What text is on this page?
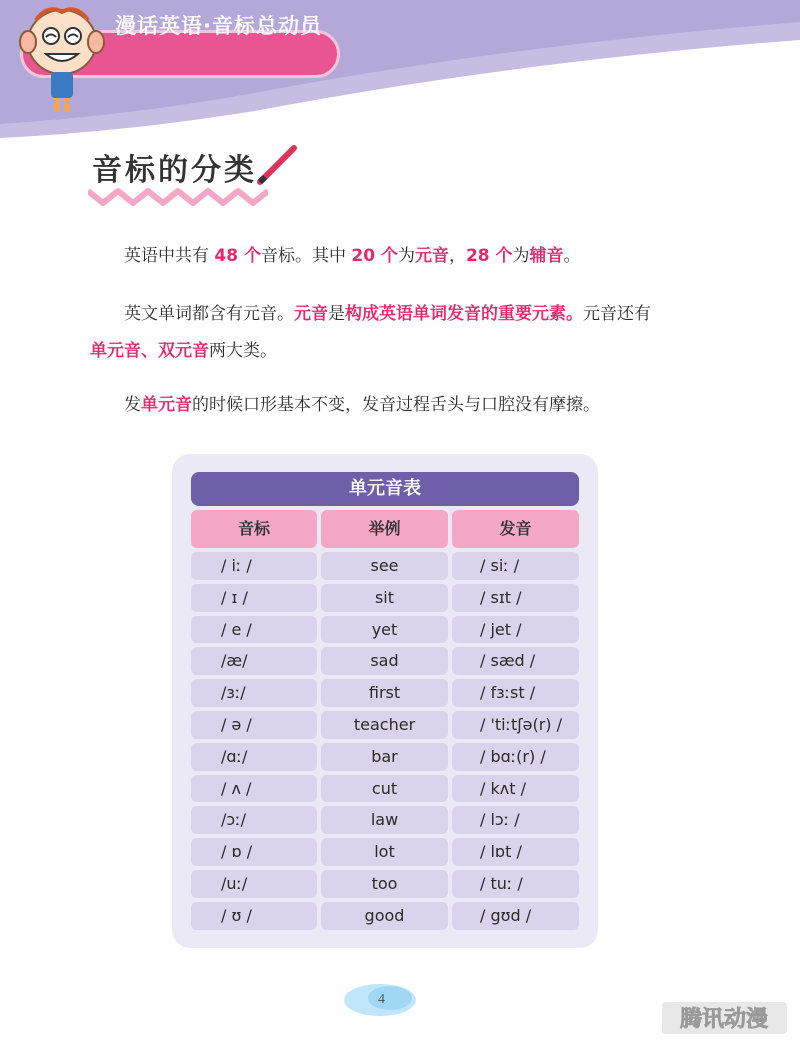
漫话英语·音标总动员
音标的分类
英语中共有 48 个音标。其中 20 个为元音，28 个为辅音。
英文单词都含有元音。元音是构成英语单词发音的重要元素。元音还有
单元音、双元音两大类。
发单元音的时候口形基本不变，发音过程舌头与口腔没有摩擦。
单元音表
音标	举例	发音
/ iː /	see	/ siː /
/ ɪ /	sit	/ sɪt /
/ e /	yet	/ jet /
/æ/	sad	/ sæd /
/ɜː/	first	/ fɜːst /
/ ə /	teacher	/ 'tiːtʃə(r) /
/ɑː/	bar	/ bɑː(r) /
/ ʌ /	cut	/ kʌt /
/ɔː/	law	/ lɔː /
/ ɒ /	lot	/ lɒt /
/uː/	too	/ tuː /
/ ʊ /	good	/ gʊd /
4
腾讯动漫
